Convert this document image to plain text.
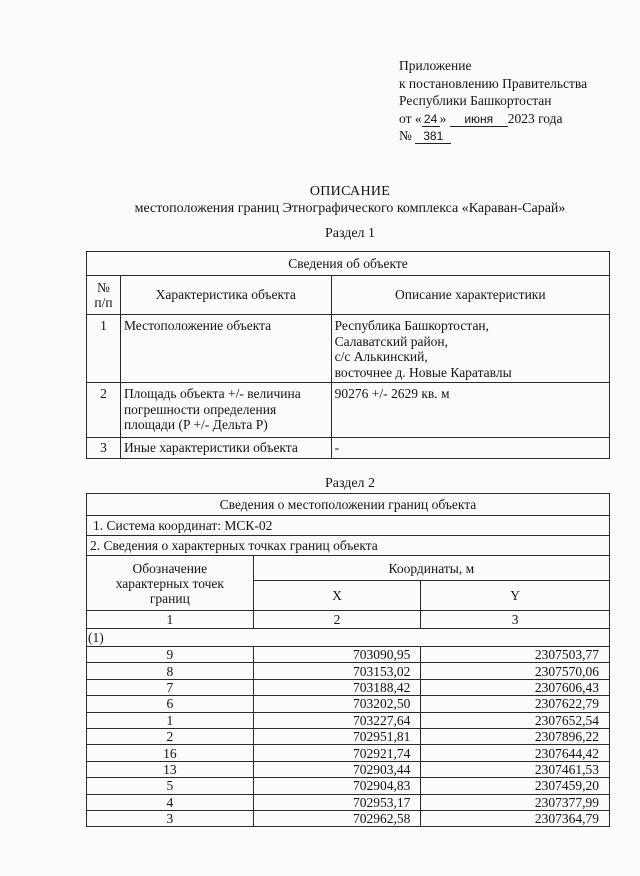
Приложение
к постановлению Правительства
Республики Башкортостан
от « 24 » июня 2023 года
№ 381
ОПИСАНИЕ
местоположения границ Этнографического комплекса «Караван-Сарай»
Раздел 1
Сведения об объекте		

№
п/п	Характеристика объекта	Описание характеристики
1	Местоположение объекта	Республика Башкортостан,
Салаватский район,
с/с Алькинский,
восточнее д. Новые Каратавлы

2	Площадь объекта +/- величина
погрешности определения
площади (P +/- Дельта P)	90276 +/- 2629 кв. м

3	Иные характеристики объекта	-
Раздел 2
Сведения о местоположении границ объекта		
1. Система координат: МСК-02		
2. Сведения о характерных точках границ объекта		

Обозначение
характерных точек
границ	Координаты, м	
	X	Y
1	2	3
(1)		
9	703090,95	2307503,77
8	703153,02	2307570,06
7	703188,42	2307606,43
6	703202,50	2307622,79
1	703227,64	2307652,54
2	702951,81	2307896,22
16	702921,74	2307644,42
13	702903,44	2307461,53
5	702904,83	2307459,20
4	702953,17	2307377,99
3	702962,58	2307364,79
